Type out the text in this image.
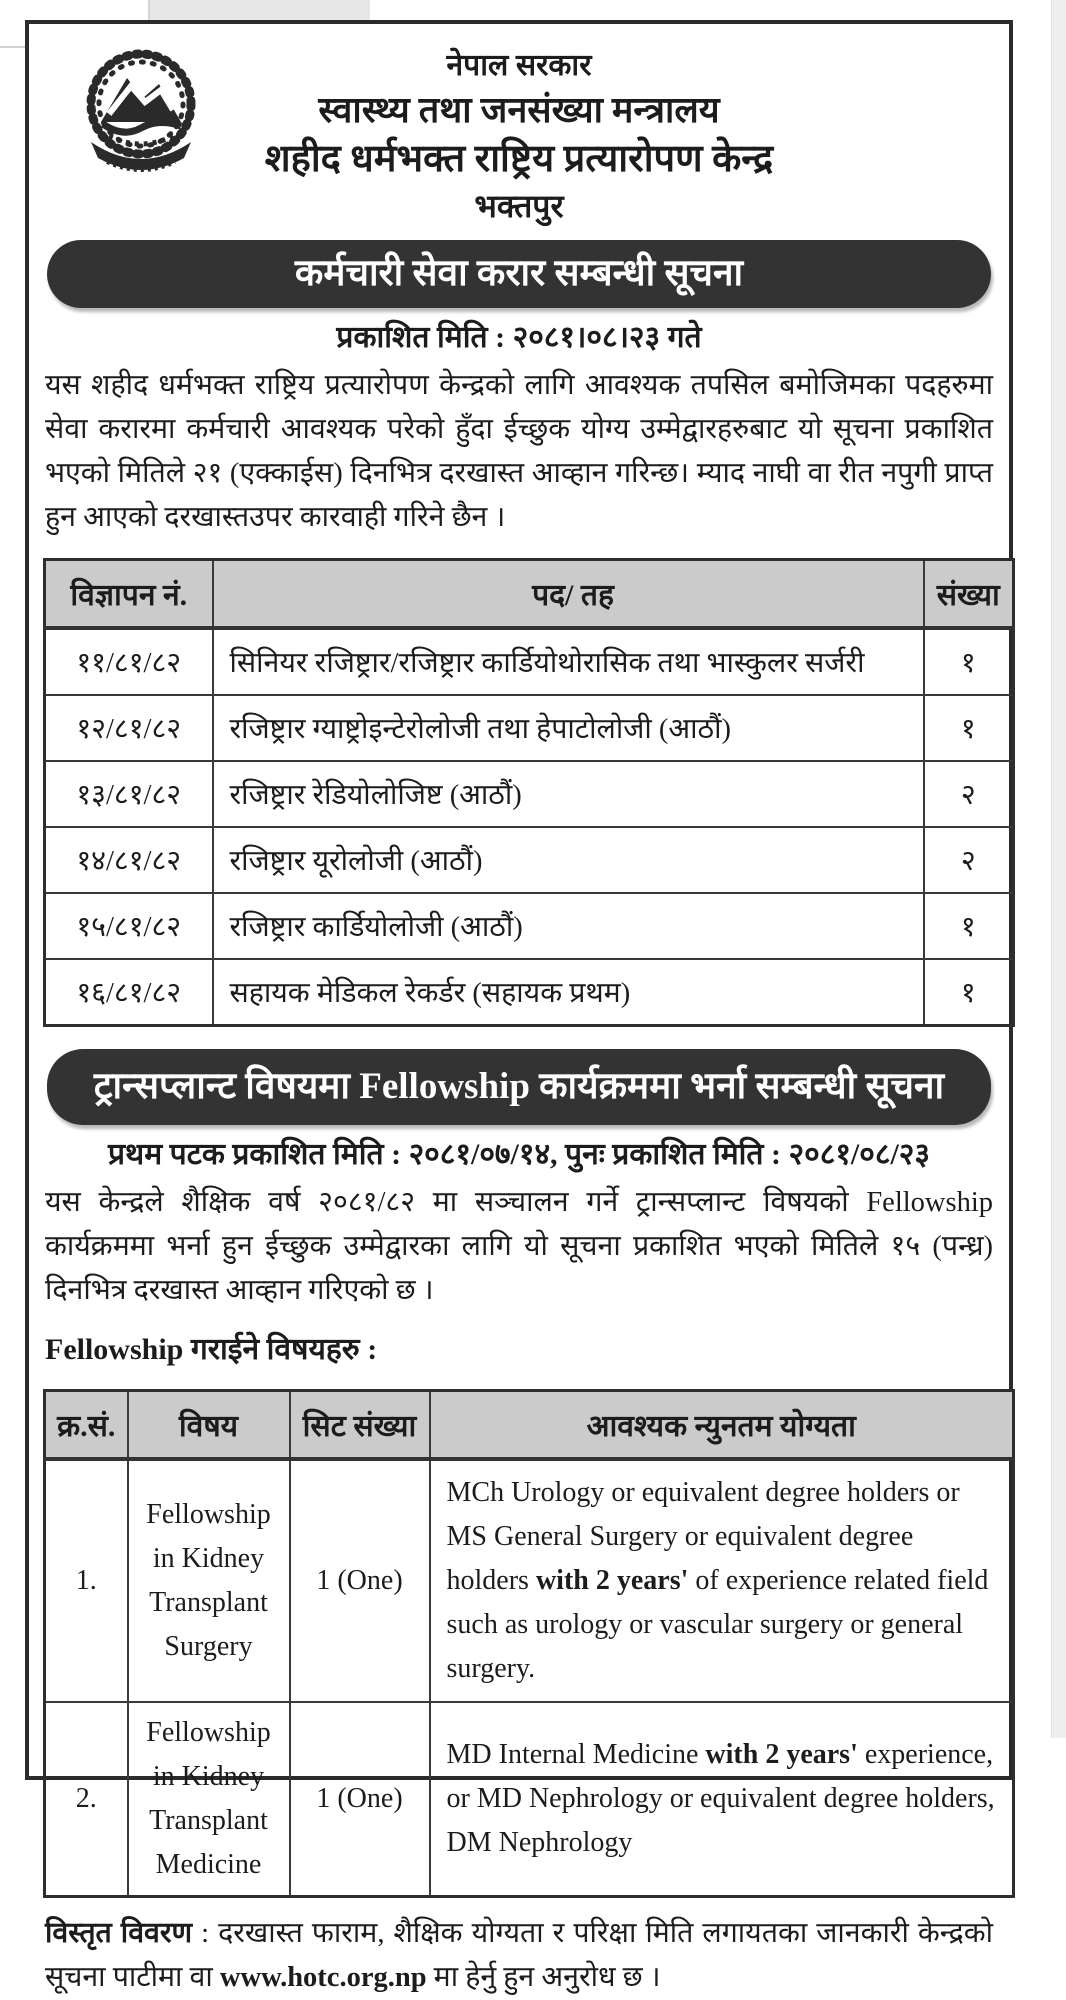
नेपाल सरकार
स्वास्थ्य तथा जनसंख्या मन्त्रालय
शहीद धर्मभक्त राष्ट्रिय प्रत्यारोपण केन्द्र
भक्तपुर
कर्मचारी सेवा करार सम्बन्धी सूचना
प्रकाशित मिति : २०८१।०८।२३ गते

यस शहीद धर्मभक्त राष्ट्रिय प्रत्यारोपण केन्द्रको लागि आवश्यक तपसिल बमोजिमका पदहरुमा सेवा करारमा कर्मचारी आवश्यक परेको हुँदा ईच्छुक योग्य उम्मेद्वारहरुबाट यो सूचना प्रकाशित भएको मितिले २१ (एक्काईस) दिनभित्र दरखास्त आव्हान गरिन्छ। म्याद नाघी वा रीत नपुगी प्राप्त हुन आएको दरखास्तउपर कारवाही गरिने छैन ।

विज्ञापन नं.	पद/ तह	संख्या
११/८१/८२	सिनियर रजिष्ट्रार/रजिष्ट्रार कार्डियोथोरासिक तथा भास्कुलर सर्जरी	१
१२/८१/८२	रजिष्ट्रार ग्याष्ट्रोइन्टेरोलोजी तथा हेपाटोलोजी (आठौं)	१
१३/८१/८२	रजिष्ट्रार रेडियोलोजिष्ट (आठौं)	२
१४/८१/८२	रजिष्ट्रार यूरोलोजी (आठौं)	२
१५/८१/८२	रजिष्ट्रार कार्डियोलोजी (आठौं)	१
१६/८१/८२	सहायक मेडिकल रेकर्डर (सहायक प्रथम)	१
ट्रान्सप्लान्ट विषयमा Fellowship कार्यक्रममा भर्ना सम्बन्धी सूचना
प्रथम पटक प्रकाशित मिति : २०८१/०७/१४, पुनः प्रकाशित मिति : २०८१/०८/२३

यस केन्द्रले शैक्षिक वर्ष २०८१/८२ मा सञ्चालन गर्ने ट्रान्सप्लान्ट विषयको Fellowship कार्यक्रममा भर्ना हुन ईच्छुक उम्मेद्वारका लागि यो सूचना प्रकाशित भएको मितिले १५ (पन्ध्र) दिनभित्र दरखास्त आव्हान गरिएको छ ।

Fellowship गराईने विषयहरु :
क्र.सं.	विषय	सिट संख्या	आवश्यक न्युनतम योग्यता
1.	Fellowship in Kidney Transplant Surgery	1 (One)	MCh Urology or equivalent degree holders or MS General Surgery or equivalent degree holders with 2 years' of experience related field such as urology or vascular surgery or general surgery.
2.	Fellowship in Kidney Transplant Medicine	1 (One)	MD Internal Medicine with 2 years' experience, or MD Nephrology or equivalent degree holders, DM Nephrology

विस्तृत विवरण : दरखास्त फाराम, शैक्षिक योग्यता र परिक्षा मिति लगायतका जानकारी केन्द्रको सूचना पाटीमा वा www.hotc.org.np मा हेर्नु हुन अनुरोध छ ।
